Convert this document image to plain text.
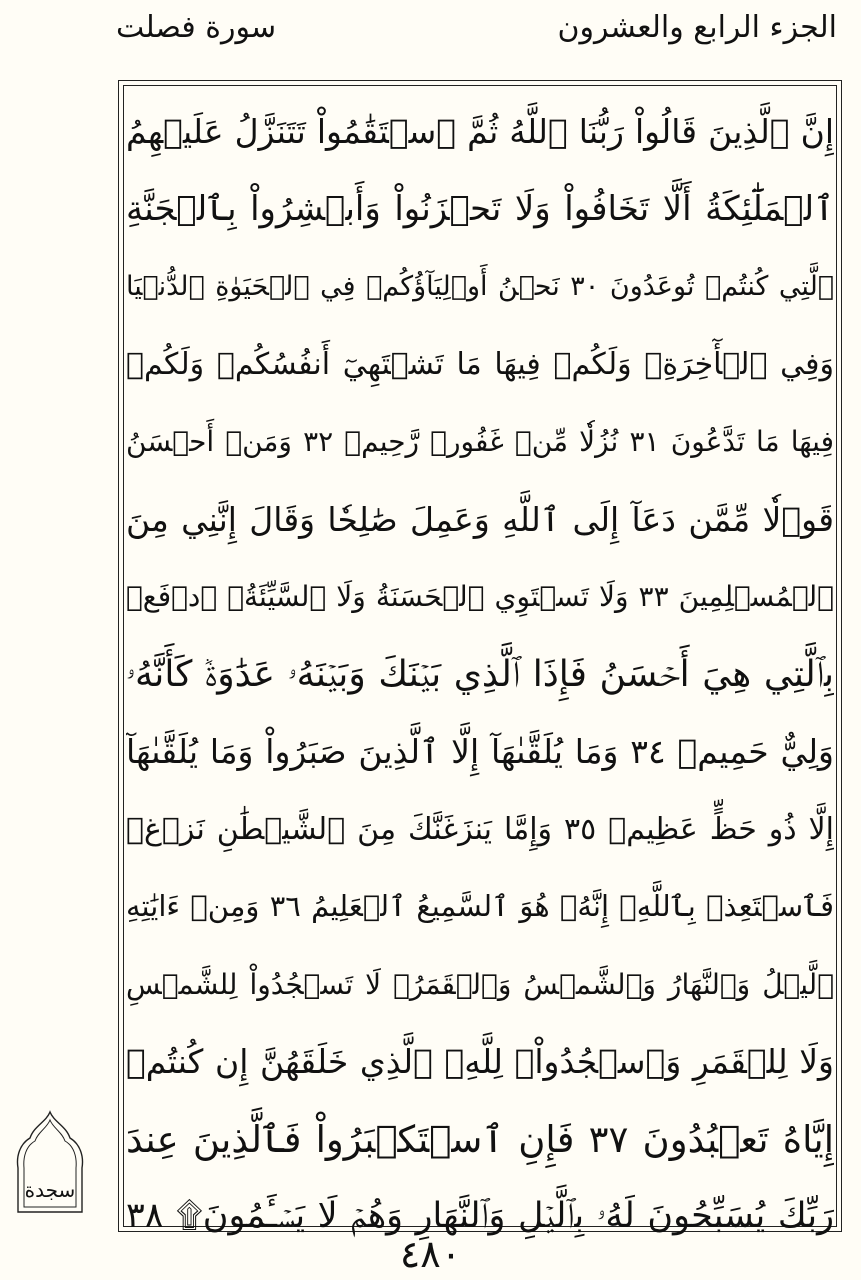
الجزء الرابع والعشرون
سورة فصلت
إِنَّ ٱلَّذِينَ قَالُواْ رَبُّنَا ٱللَّهُ ثُمَّ ٱسۡتَقَٰمُواْ تَتَنَزَّلُ عَلَيۡهِمُ
ٱلۡمَلَٰٓئِكَةُ أَلَّا تَخَافُواْ وَلَا تَحۡزَنُواْ وَأَبۡشِرُواْ بِٱلۡجَنَّةِ
ٱلَّتِي كُنتُمۡ تُوعَدُونَ ٣٠ نَحۡنُ أَوۡلِيَآؤُكُمۡ فِي ٱلۡحَيَوٰةِ ٱلدُّنۡيَا
وَفِي ٱلۡأٓخِرَةِۖ وَلَكُمۡ فِيهَا مَا تَشۡتَهِيٓ أَنفُسُكُمۡ وَلَكُمۡ
فِيهَا مَا تَدَّعُونَ ٣١ نُزُلٗا مِّنۡ غَفُورٖ رَّحِيمٖ ٣٢ وَمَنۡ أَحۡسَنُ
قَوۡلٗا مِّمَّن دَعَآ إِلَى ٱللَّهِ وَعَمِلَ صَٰلِحٗا وَقَالَ إِنَّنِي مِنَ
ٱلۡمُسۡلِمِينَ ٣٣ وَلَا تَسۡتَوِي ٱلۡحَسَنَةُ وَلَا ٱلسَّيِّئَةُۚ ٱدۡفَعۡ
بِٱلَّتِي هِيَ أَحۡسَنُ فَإِذَا ٱلَّذِي بَيۡنَكَ وَبَيۡنَهُۥ عَدَٰوَةٞ كَأَنَّهُۥ
وَلِيٌّ حَمِيمٞ ٣٤ وَمَا يُلَقَّىٰهَآ إِلَّا ٱلَّذِينَ صَبَرُواْ وَمَا يُلَقَّىٰهَآ
إِلَّا ذُو حَظٍّ عَظِيمٖ ٣٥ وَإِمَّا يَنزَغَنَّكَ مِنَ ٱلشَّيۡطَٰنِ نَزۡغٞ
فَٱسۡتَعِذۡ بِٱللَّهِۖ إِنَّهُۥ هُوَ ٱلسَّمِيعُ ٱلۡعَلِيمُ ٣٦ وَمِنۡ ءَايَٰتِهِ
ٱلَّيۡلُ وَٱلنَّهَارُ وَٱلشَّمۡسُ وَٱلۡقَمَرُۚ لَا تَسۡجُدُواْ لِلشَّمۡسِ
وَلَا لِلۡقَمَرِ وَٱسۡجُدُواْۤ لِلَّهِۤ ٱلَّذِي خَلَقَهُنَّ إِن كُنتُمۡ
إِيَّاهُ تَعۡبُدُونَ ٣٧ فَإِنِ ٱسۡتَكۡبَرُواْ فَٱلَّذِينَ عِندَ
رَبِّكَ يُسَبِّحُونَ لَهُۥ بِٱلَّيۡلِ وَٱلنَّهَارِ وَهُمۡ لَا يَسۡـَٔمُونَ۩ ٣٨
سجدة
٤٨٠
